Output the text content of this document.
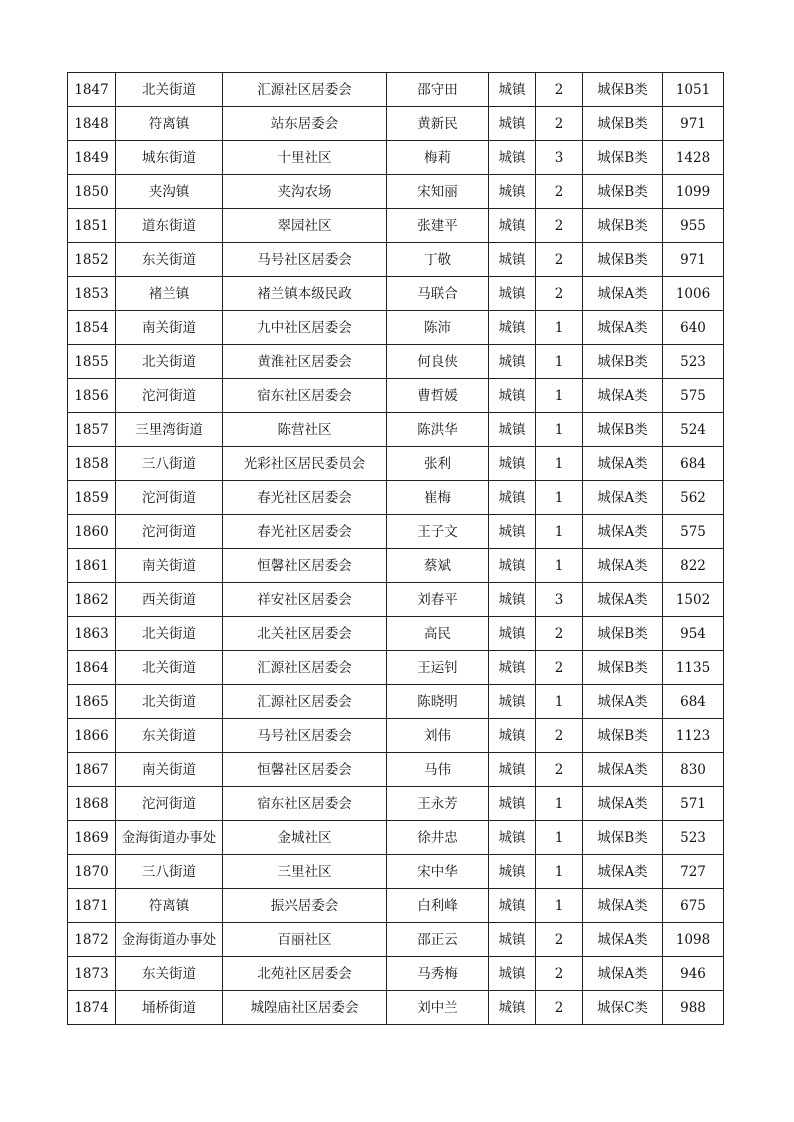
1847	北关街道	汇源社区居委会	邵守田	城镇	2	城保B类	1051
1848	符离镇	站东居委会	黄新民	城镇	2	城保B类	971
1849	城东街道	十里社区	梅莉	城镇	3	城保B类	1428
1850	夹沟镇	夹沟农场	宋知丽	城镇	2	城保B类	1099
1851	道东街道	翠园社区	张建平	城镇	2	城保B类	955
1852	东关街道	马号社区居委会	丁敬	城镇	2	城保B类	971
1853	褚兰镇	褚兰镇本级民政	马联合	城镇	2	城保A类	1006
1854	南关街道	九中社区居委会	陈沛	城镇	1	城保A类	640
1855	北关街道	黄淮社区居委会	何良侠	城镇	1	城保B类	523
1856	沱河街道	宿东社区居委会	曹哲媛	城镇	1	城保A类	575
1857	三里湾街道	陈营社区	陈洪华	城镇	1	城保B类	524
1858	三八街道	光彩社区居民委员会	张利	城镇	1	城保A类	684
1859	沱河街道	春光社区居委会	崔梅	城镇	1	城保A类	562
1860	沱河街道	春光社区居委会	王子文	城镇	1	城保A类	575
1861	南关街道	恒馨社区居委会	蔡斌	城镇	1	城保A类	822
1862	西关街道	祥安社区居委会	刘春平	城镇	3	城保A类	1502
1863	北关街道	北关社区居委会	高民	城镇	2	城保B类	954
1864	北关街道	汇源社区居委会	王运钊	城镇	2	城保B类	1135
1865	北关街道	汇源社区居委会	陈晓明	城镇	1	城保A类	684
1866	东关街道	马号社区居委会	刘伟	城镇	2	城保B类	1123
1867	南关街道	恒馨社区居委会	马伟	城镇	2	城保A类	830
1868	沱河街道	宿东社区居委会	王永芳	城镇	1	城保A类	571
1869	金海街道办事处	金城社区	徐井忠	城镇	1	城保B类	523
1870	三八街道	三里社区	宋中华	城镇	1	城保A类	727
1871	符离镇	振兴居委会	白利峰	城镇	1	城保A类	675
1872	金海街道办事处	百丽社区	邵正云	城镇	2	城保A类	1098
1873	东关街道	北苑社区居委会	马秀梅	城镇	2	城保A类	946
1874	埇桥街道	城隍庙社区居委会	刘中兰	城镇	2	城保C类	988
